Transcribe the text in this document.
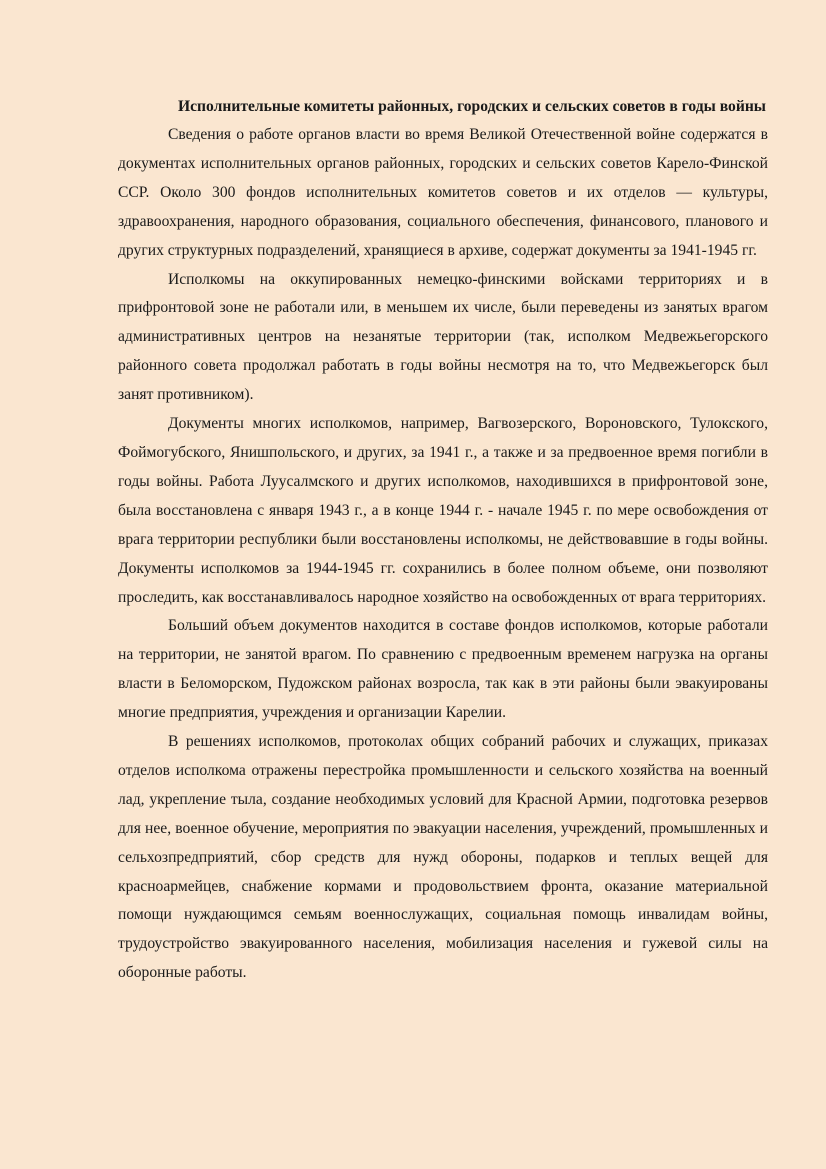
Исполнительные комитеты районных, городских и сельских советов в годы войны

Сведения о работе органов власти во время Великой Отечественной войне содержатся в документах исполнительных органов районных, городских и сельских советов Карело-Финской ССР. Около 300 фондов исполнительных комитетов советов и их отделов — культуры, здравоохранения, народного образования, социального обеспечения, финансового, планового и других структурных подразделений, хранящиеся в архиве, содержат документы за 1941-1945 гг.

Исполкомы на оккупированных немецко-финскими войсками территориях и в прифронтовой зоне не работали или, в меньшем их числе, были переведены из занятых врагом административных центров на незанятые территории (так, исполком Медвежьегорского районного совета продолжал работать в годы войны несмотря на то, что Медвежьегорск был занят противником).

Документы многих исполкомов, например, Вагвозерского, Вороновского, Тулокского, Фоймогубского, Янишпольского, и других, за 1941 г., а также и за предвоенное время погибли в годы войны. Работа Луусалмского и других исполкомов, находившихся в прифронтовой зоне, была восстановлена с января 1943 г., а в конце 1944 г. - начале 1945 г. по мере освобождения от врага территории республики были восстановлены исполкомы, не действовавшие в годы войны. Документы исполкомов за 1944-1945 гг. сохранились в более полном объеме, они позволяют проследить, как восстанавливалось народное хозяйство на освобожденных от врага территориях.

Больший объем документов находится в составе фондов исполкомов, которые работали на территории, не занятой врагом. По сравнению с предвоенным временем нагрузка на органы власти в Беломорском, Пудожском районах возросла, так как в эти районы были эвакуированы многие предприятия, учреждения и организации Карелии.

В решениях исполкомов, протоколах общих собраний рабочих и служащих, приказах отделов исполкома отражены перестройка промышленности и сельского хозяйства на военный лад, укрепление тыла, создание необходимых условий для Красной Армии, подготовка резервов для нее, военное обучение, мероприятия по эвакуации населения, учреждений, промышленных и сельхозпредприятий, сбор средств для нужд обороны, подарков и теплых вещей для красноармейцев, снабжение кормами и продовольствием фронта, оказание материальной помощи нуждающимся семьям военнослужащих, социальная помощь инвалидам войны, трудоустройство эвакуированного населения, мобилизация населения и гужевой силы на оборонные работы.
